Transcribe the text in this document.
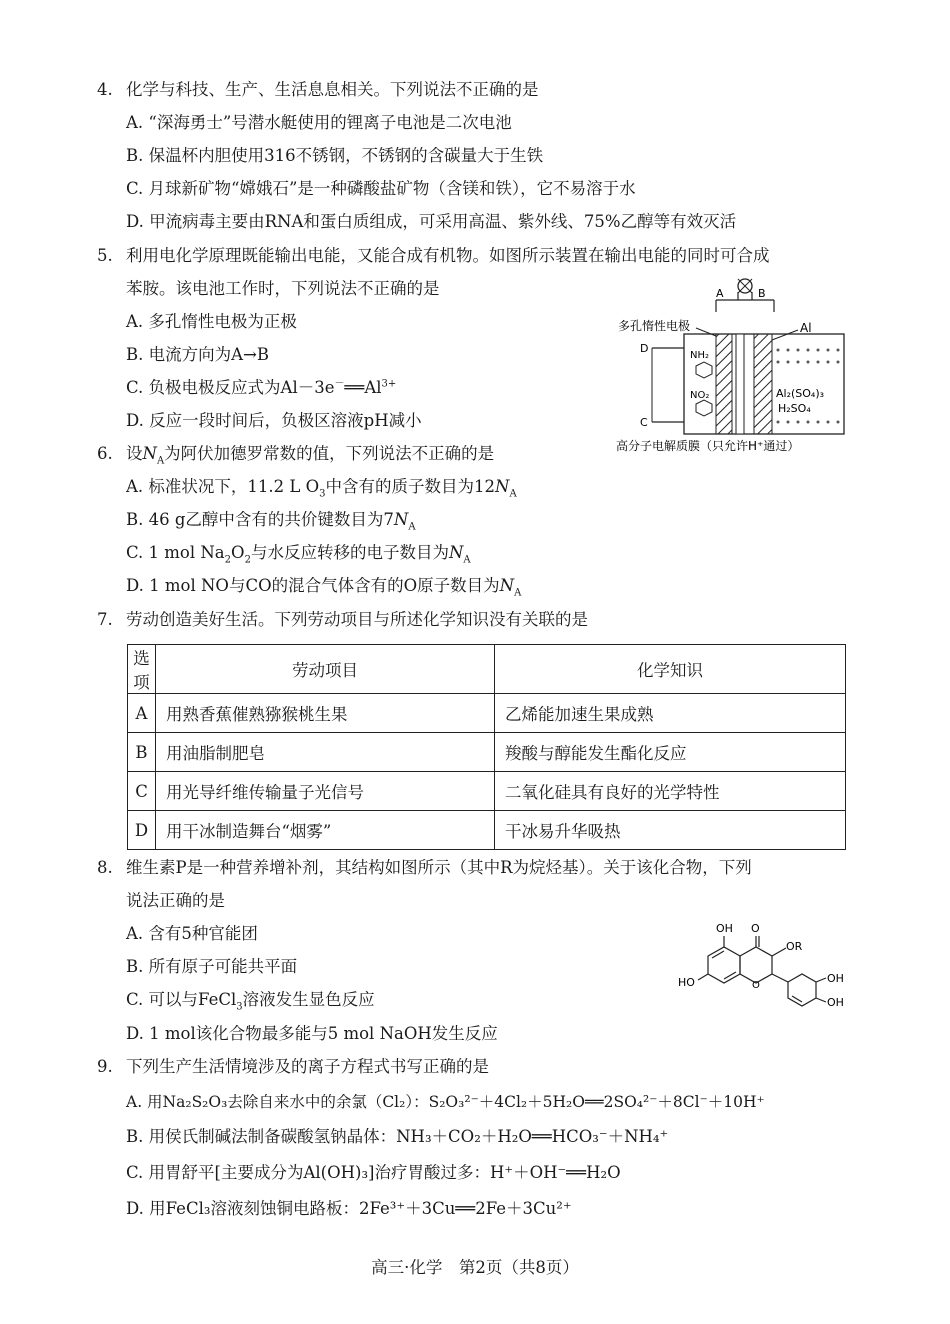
4. 化学与科技、生产、生活息息相关。下列说法不正确的是
A. “深海勇士”号潜水艇使用的锂离子电池是二次电池
B. 保温杯内胆使用316不锈钢，不锈钢的含碳量大于生铁
C. 月球新矿物“嫦娥石”是一种磷酸盐矿物（含镁和铁），它不易溶于水
D. 甲流病毒主要由RNA和蛋白质组成，可采用高温、紫外线、75%乙醇等有效灭活
5. 利用电化学原理既能输出电能，又能合成有机物。如图所示装置在输出电能的同时可合成
苯胺。该电池工作时，下列说法不正确的是
A. 多孔惰性电极为正极
B. 电流方向为A→B
C. 负极电极反应式为$Al-3e^-══Al^{3+}$
D. 反应一段时间后，负极区溶液pH减小
A	B
多孔惰性电极	Al
Al₂(SO₄)₃
H₂SO₄
NH₂
NO₂
D
C
高分子电解质膜（只允许H⁺通过）
6. 设$N_A$为阿伏加德罗常数的值，下列说法不正确的是
A. 标准状况下，11.2 L $O_3$中含有的质子数目为$12N_A$
B. 46 g乙醇中含有的共价键数目为$7N_A$
C. 1 mol $Na_2O_2$与水反应转移的电子数目为$N_A$
D. 1 mol NO与CO的混合气体含有的O原子数目为$N_A$
7. 劳动创造美好生活。下列劳动项目与所述化学知识没有关联的是
选项	劳动项目	化学知识
A	用熟香蕉催熟猕猴桃生果	乙烯能加速生果成熟
B	用油脂制肥皂	羧酸与醇能发生酯化反应
C	用光导纤维传输量子光信号	二氧化硅具有良好的光学特性
D	用干冰制造舞台“烟雾”	干冰易升华吸热
8. 维生素P是一种营养增补剂，其结构如图所示（其中R为烷烃基）。关于该化合物，下列
说法正确的是
A. 含有5种官能团
B. 所有原子可能共平面
C. 可以与FeCl$_3$溶液发生显色反应
D. 1 mol该化合物最多能与5 mol NaOH发生反应
OH O
OR
HO	O
OH
OH
9. 下列生产生活情境涉及的离子方程式书写正确的是
A. 用Na₂S₂O₃去除自来水中的余氯（Cl₂）：S₂O₃²⁻＋4Cl₂＋5H₂O══2SO₄²⁻＋8Cl⁻＋10H⁺
B. 用侯氏制碱法制备碳酸氢钠晶体：NH₃＋CO₂＋H₂O══HCO₃⁻＋NH₄⁺
C. 用胃舒平[主要成分为Al(OH)₃]治疗胃酸过多：H⁺＋OH⁻══H₂O
D. 用FeCl₃溶液刻蚀铜电路板：2Fe³⁺＋3Cu══2Fe＋3Cu²⁺
高三·化学　第2页（共8页）
